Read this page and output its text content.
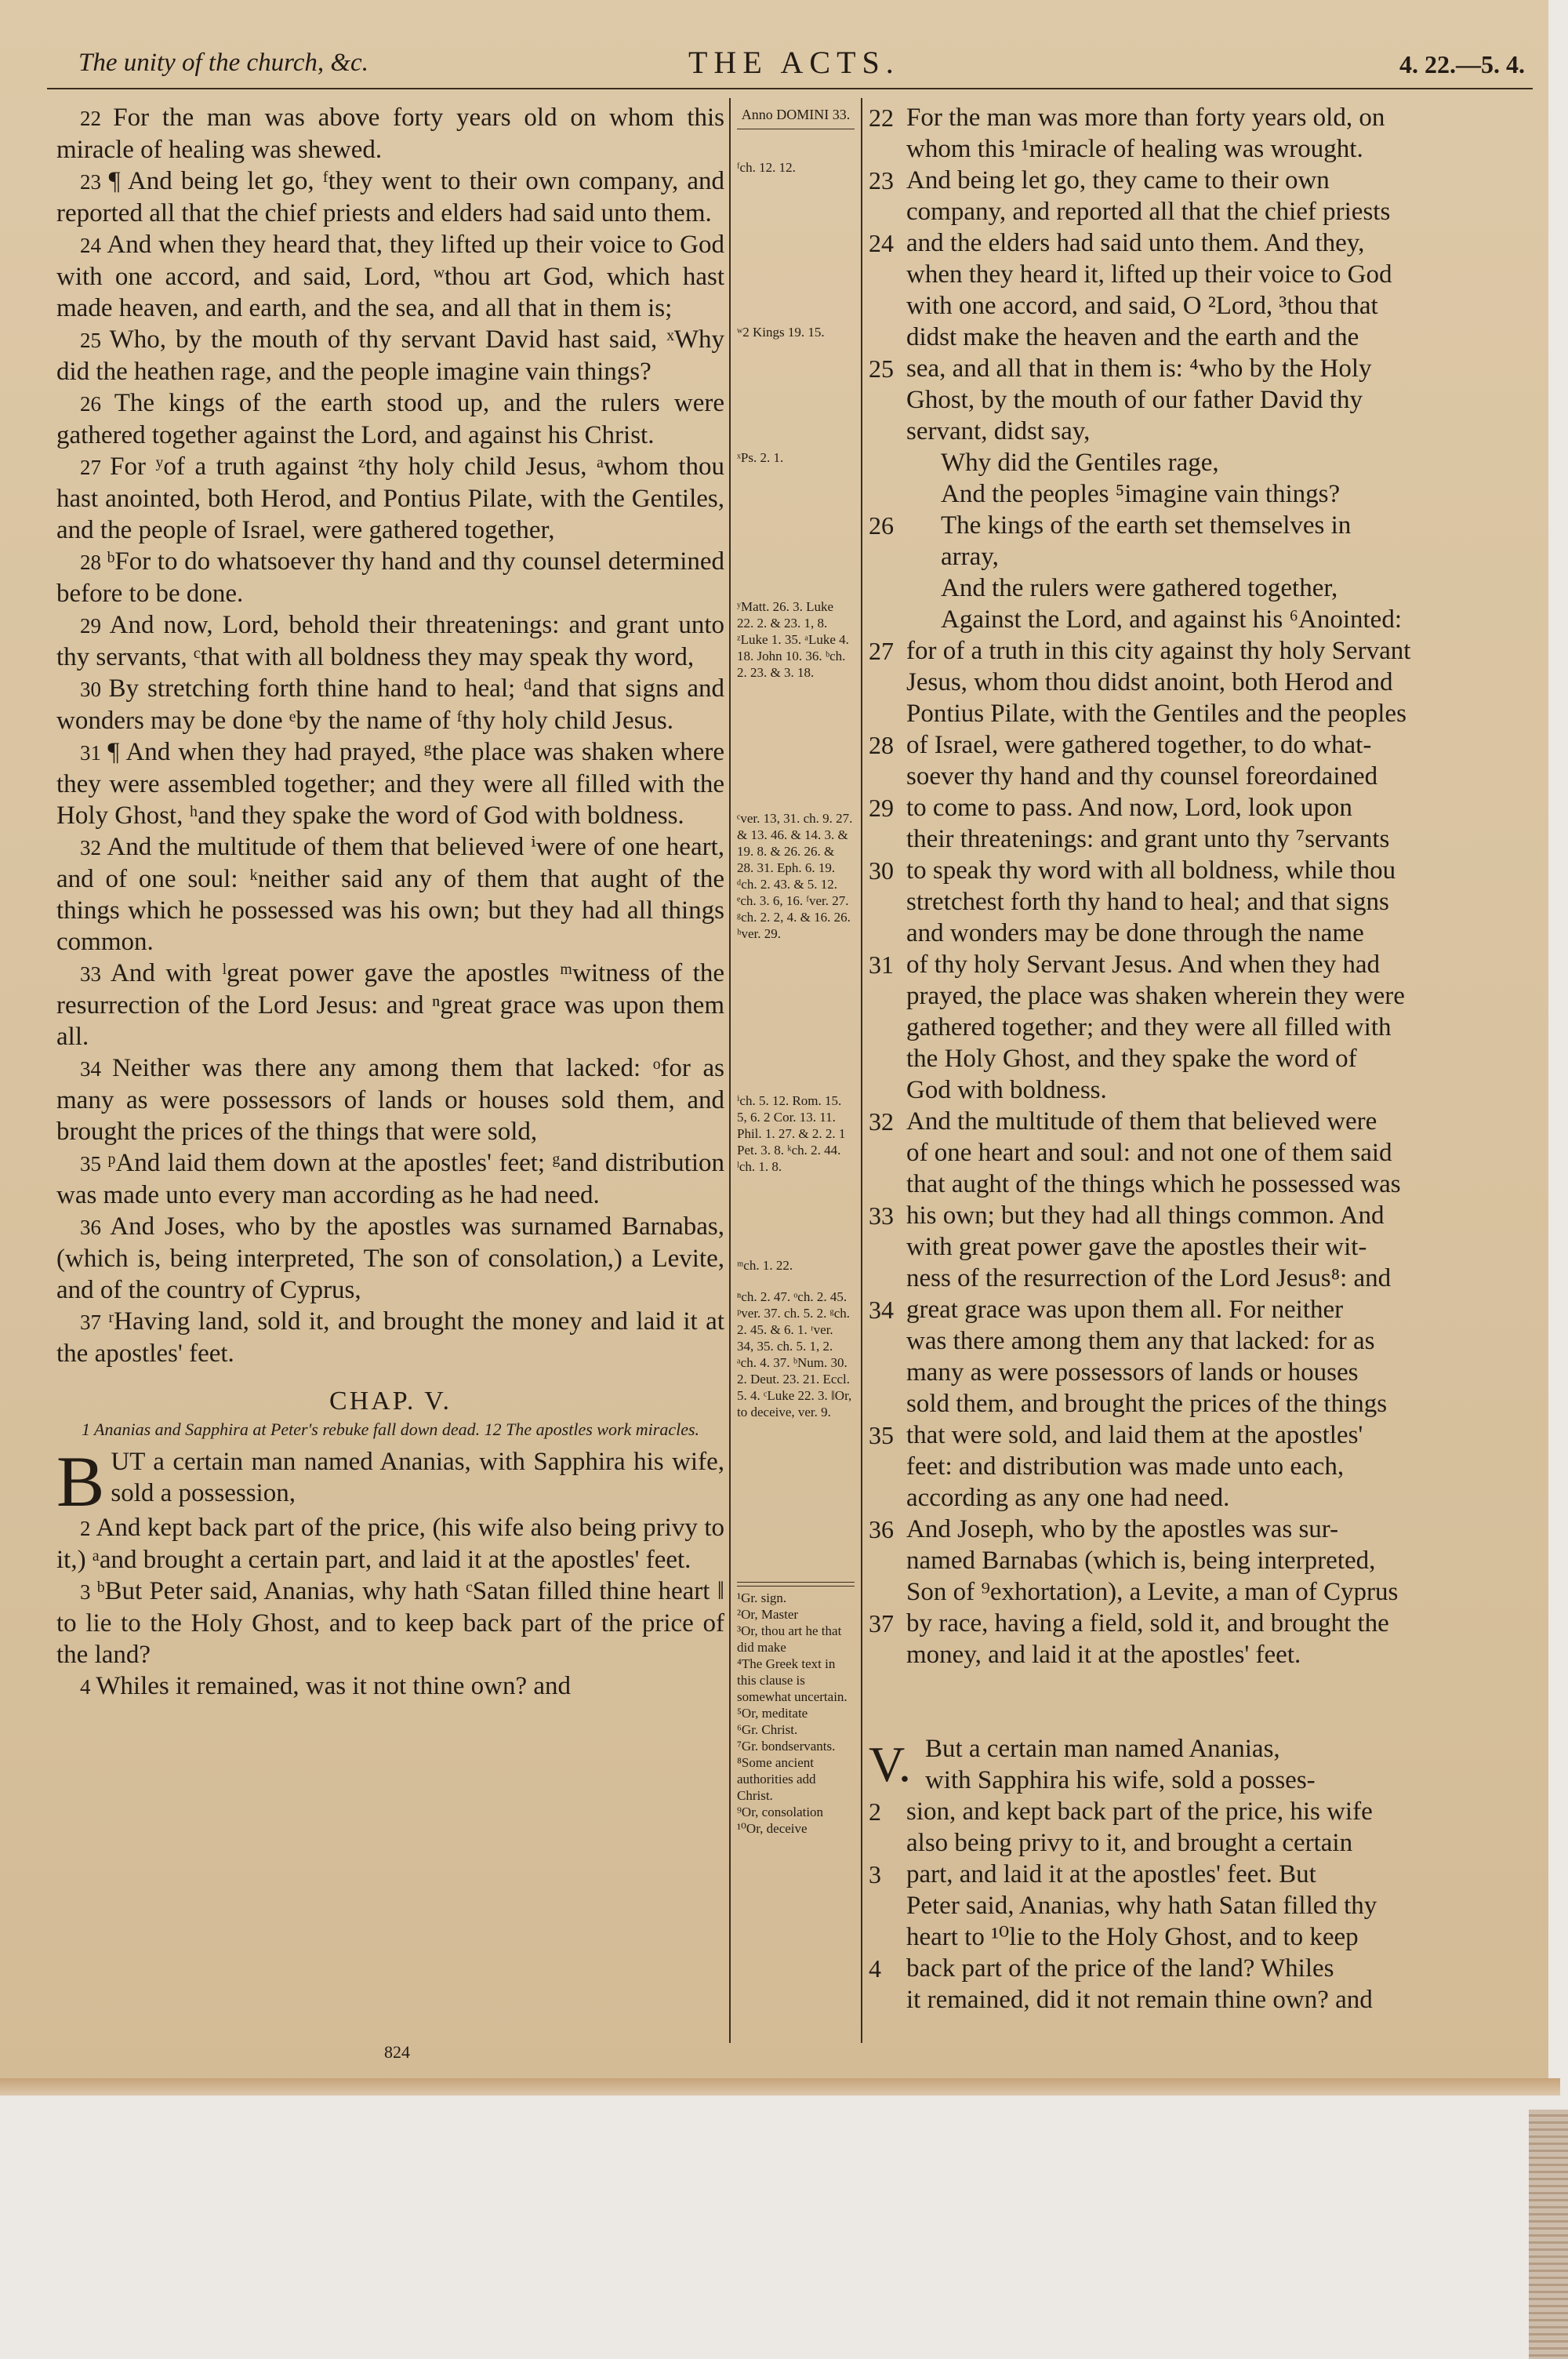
The unity of the church, &c.	THE ACTS.	4. 22.—5. 4.

22 For the man was above forty years old on whom this miracle of healing was shewed.

23 ¶ And being let go, ᶠthey went to their own company, and reported all that the chief priests and elders had said unto them.

24 And when they heard that, they lifted up their voice to God with one accord, and said, Lord, ʷthou art God, which hast made heaven, and earth, and the sea, and all that in them is;

25 Who, by the mouth of thy servant David hast said, ˣWhy did the heathen rage, and the people imagine vain things?

26 The kings of the earth stood up, and the rulers were gathered together against the Lord, and against his Christ.

27 For ʸof a truth against ᶻthy holy child Jesus, ᵃwhom thou hast anointed, both Herod, and Pontius Pilate, with the Gentiles, and the people of Israel, were gathered together,

28 ᵇFor to do whatsoever thy hand and thy counsel determined before to be done.

29 And now, Lord, behold their threatenings: and grant unto thy servants, ᶜthat with all boldness they may speak thy word,

30 By stretching forth thine hand to heal; ᵈand that signs and wonders may be done ᵉby the name of ᶠthy holy child Jesus.

31 ¶ And when they had prayed, ᵍthe place was shaken where they were assembled together; and they were all filled with the Holy Ghost, ʰand they spake the word of God with boldness.

32 And the multitude of them that believed ⁱwere of one heart, and of one soul: ᵏneither said any of them that aught of the things which he possessed was his own; but they had all things common.

33 And with ˡgreat power gave the apostles ᵐwitness of the resurrection of the Lord Jesus: and ⁿgreat grace was upon them all.

34 Neither was there any among them that lacked: ᵒfor as many as were possessors of lands or houses sold them, and brought the prices of the things that were sold,

35 ᵖAnd laid them down at the apostles' feet; ᵍand distribution was made unto every man according as he had need.

36 And Joses, who by the apostles was surnamed Barnabas, (which is, being interpreted, The son of consolation,) a Levite, and of the country of Cyprus,

37 ʳHaving land, sold it, and brought the money and laid it at the apostles' feet.

CHAP. V.
1 Ananias and Sapphira at Peter's rebuke fall down dead. 12 The apostles work miracles.

B UT a certain man named Ananias, with Sapphira his wife, sold a possession,

2 And kept back part of the price, (his wife also being privy to it,) ᵃand brought a certain part, and laid it at the apostles' feet.

3 ᵇBut Peter said, Ananias, why hath ᶜSatan filled thine heart ‖ to lie to the Holy Ghost, and to keep back part of the price of the land?

4 Whiles it remained, was it not thine own? and

Anno DOMINI 33.
ᶠch. 12. 12.
ʷ2 Kings 19. 15.
ˣPs. 2. 1.
ʸMatt. 26. 3. Luke 22. 2. & 23. 1, 8. ᶻLuke 1. 35. ᵃLuke 4. 18. John 10. 36. ᵇch. 2. 23. & 3. 18.
ᶜver. 13, 31. ch. 9. 27. & 13. 46. & 14. 3. & 19. 8. & 26. 26. & 28. 31. Eph. 6. 19. ᵈch. 2. 43. & 5. 12. ᵉch. 3. 6, 16. ᶠver. 27. ᵍch. 2. 2, 4. & 16. 26. ʰver. 29.
ⁱch. 5. 12. Rom. 15. 5, 6. 2 Cor. 13. 11. Phil. 1. 27. & 2. 2. 1 Pet. 3. 8. ᵏch. 2. 44. ˡch. 1. 8.
ᵐch. 1. 22.
ⁿch. 2. 47. ᵒch. 2. 45. ᵖver. 37. ch. 5. 2. ᵍch. 2. 45. & 6. 1. ʳver. 34, 35. ch. 5. 1, 2. ᵃch. 4. 37. ᵇNum. 30. 2. Deut. 23. 21. Eccl. 5. 4. ᶜLuke 22. 3. ‖Or, to deceive, ver. 9.
¹Gr. sign.
²Or, Master
³Or, thou art he that did make
⁴The Greek text in this clause is somewhat uncertain.
⁵Or, meditate
⁶Gr. Christ.
⁷Gr. bondservants.
⁸Some ancient authorities add Christ.
⁹Or, consolation
¹⁰Or, deceive
22 For the man was more than forty years old, on
whom this ¹miracle of healing was wrought.
23 And being let go, they came to their own
company, and reported all that the chief priests
24 and the elders had said unto them. And they,
when they heard it, lifted up their voice to God
with one accord, and said, O ²Lord, ³thou that
didst make the heaven and the earth and the
25 sea, and all that in them is: ⁴who by the Holy
Ghost, by the mouth of our father David thy
servant, didst say,
Why did the Gentiles rage,
And the peoples ⁵imagine vain things?
26 The kings of the earth set themselves in
array,
And the rulers were gathered together,
Against the Lord, and against his ⁶Anointed:
27 for of a truth in this city against thy holy Servant
Jesus, whom thou didst anoint, both Herod and
Pontius Pilate, with the Gentiles and the peoples
28 of Israel, were gathered together, to do what-
soever thy hand and thy counsel foreordained
29 to come to pass. And now, Lord, look upon
their threatenings: and grant unto thy ⁷servants
30 to speak thy word with all boldness, while thou
stretchest forth thy hand to heal; and that signs
and wonders may be done through the name
31 of thy holy Servant Jesus. And when they had
prayed, the place was shaken wherein they were
gathered together; and they were all filled with
the Holy Ghost, and they spake the word of
God with boldness.
32 And the multitude of them that believed were
of one heart and soul: and not one of them said
that aught of the things which he possessed was
33 his own; but they had all things common. And
with great power gave the apostles their wit-
ness of the resurrection of the Lord Jesus⁸: and
34 great grace was upon them all. For neither
was there among them any that lacked: for as
many as were possessors of lands or houses
sold them, and brought the prices of the things
35 that were sold, and laid them at the apostles'
feet: and distribution was made unto each,
according as any one had need.
36 And Joseph, who by the apostles was sur-
named Barnabas (which is, being interpreted,
Son of ⁹exhortation), a Levite, a man of Cyprus
37 by race, having a field, sold it, and brought the
money, and laid it at the apostles' feet.
V. But a certain man named Ananias,
with Sapphira his wife, sold a posses-
2 sion, and kept back part of the price, his wife
also being privy to it, and brought a certain
3 part, and laid it at the apostles' feet. But
Peter said, Ananias, why hath Satan filled thy
heart to ¹⁰lie to the Holy Ghost, and to keep
4 back part of the price of the land? Whiles
it remained, did it not remain thine own? and
824
